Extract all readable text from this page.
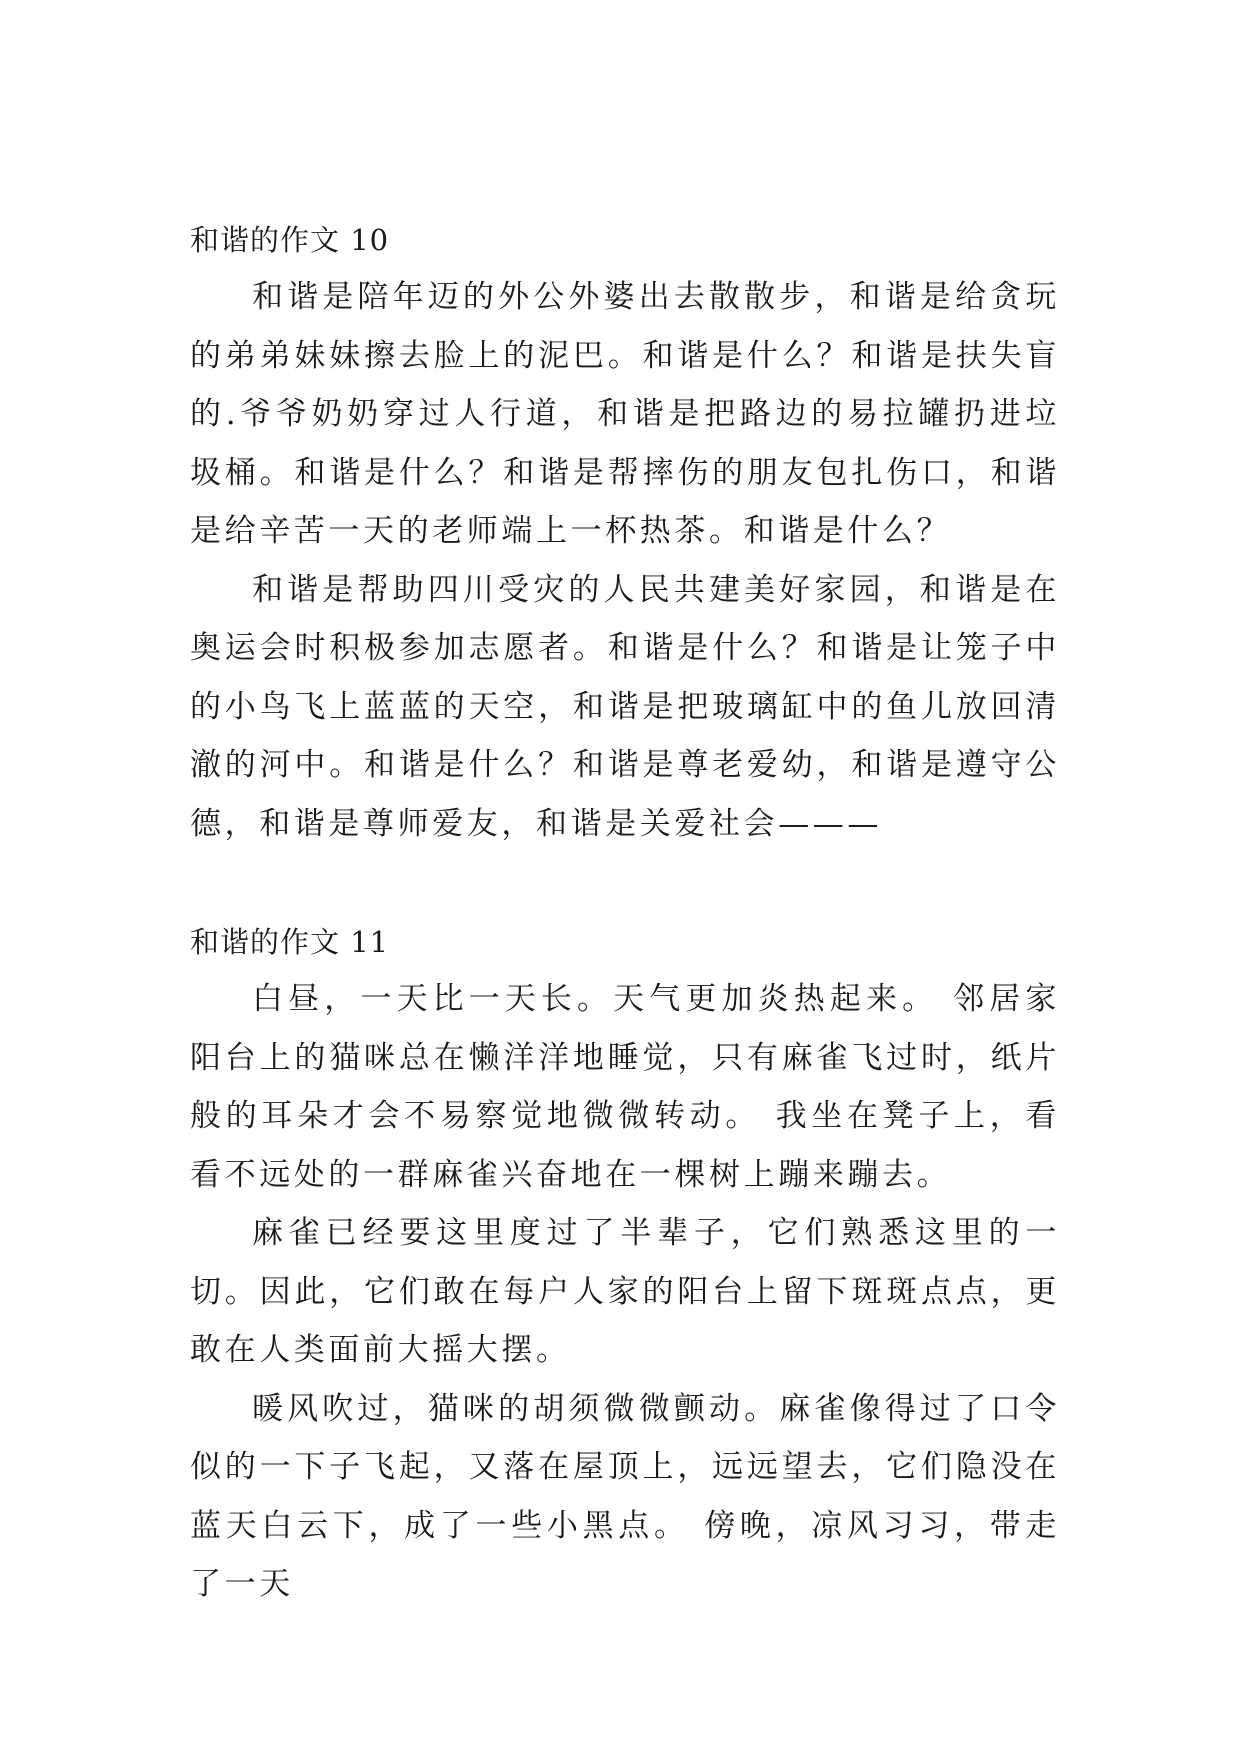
和谐的作文 10

和谐是陪年迈的外公外婆出去散散步，和谐是给贪玩的弟弟妹妹擦去脸上的泥巴。和谐是什么？和谐是扶失盲的.爷爷奶奶穿过人行道，和谐是把路边的易拉罐扔进垃圾桶。和谐是什么？和谐是帮摔伤的朋友包扎伤口，和谐是给辛苦一天的老师端上一杯热茶。和谐是什么？

和谐是帮助四川受灾的人民共建美好家园，和谐是在奥运会时积极参加志愿者。和谐是什么？和谐是让笼子中的小鸟飞上蓝蓝的天空，和谐是把玻璃缸中的鱼儿放回清澈的河中。和谐是什么？和谐是尊老爱幼，和谐是遵守公德，和谐是尊师爱友，和谐是关爱社会———

和谐的作文 11

白昼，一天比一天长。天气更加炎热起来。 邻居家阳台上的猫咪总在懒洋洋地睡觉，只有麻雀飞过时，纸片般的耳朵才会不易察觉地微微转动。 我坐在凳子上，看看不远处的一群麻雀兴奋地在一棵树上蹦来蹦去。

麻雀已经要这里度过了半辈子，它们熟悉这里的一切。因此，它们敢在每户人家的阳台上留下斑斑点点，更敢在人类面前大摇大摆。

暖风吹过，猫咪的胡须微微颤动。麻雀像得过了口令似的一下子飞起，又落在屋顶上，远远望去，它们隐没在蓝天白云下，成了一些小黑点。 傍晚，凉风习习，带走了一天
